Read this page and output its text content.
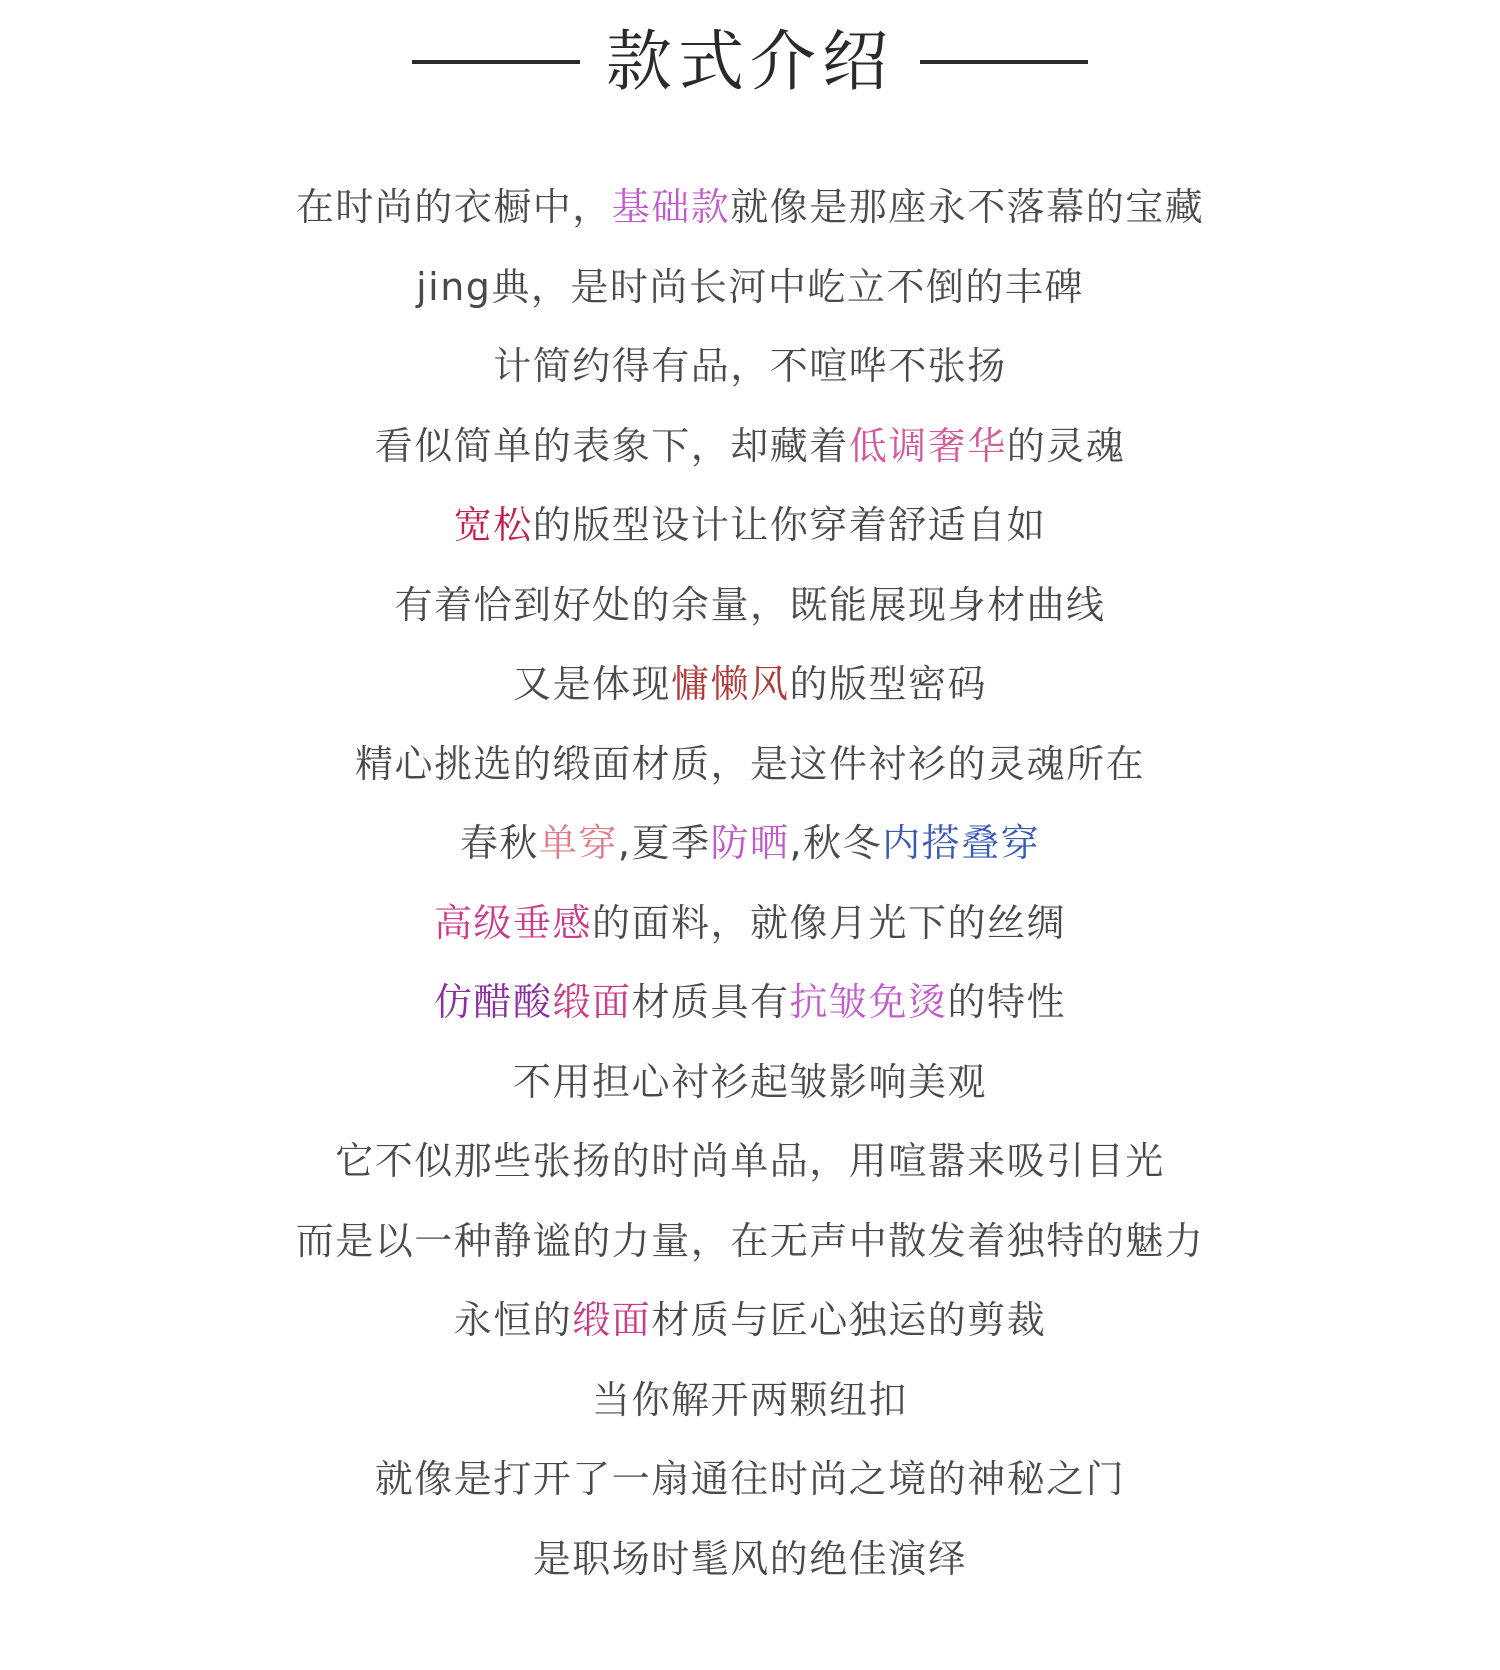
款式介绍
在时尚的衣橱中，基础款就像是那座永不落幕的宝藏
jing典，是时尚长河中屹立不倒的丰碑
计简约得有品，不喧哗不张扬
看似简单的表象下，却藏着低调奢华的灵魂
宽松的版型设计让你穿着舒适自如
有着恰到好处的余量，既能展现身材曲线
又是体现慵懒风的版型密码
精心挑选的缎面材质，是这件衬衫的灵魂所在
春秋单穿,夏季防晒,秋冬内搭叠穿
高级垂感的面料，就像月光下的丝绸
仿醋酸缎面材质具有抗皱免烫的特性
不用担心衬衫起皱影响美观
它不似那些张扬的时尚单品，用喧嚣来吸引目光
而是以一种静谧的力量，在无声中散发着独特的魅力
永恒的缎面材质与匠心独运的剪裁
当你解开两颗纽扣
就像是打开了一扇通往时尚之境的神秘之门
是职场时髦风的绝佳演绎
